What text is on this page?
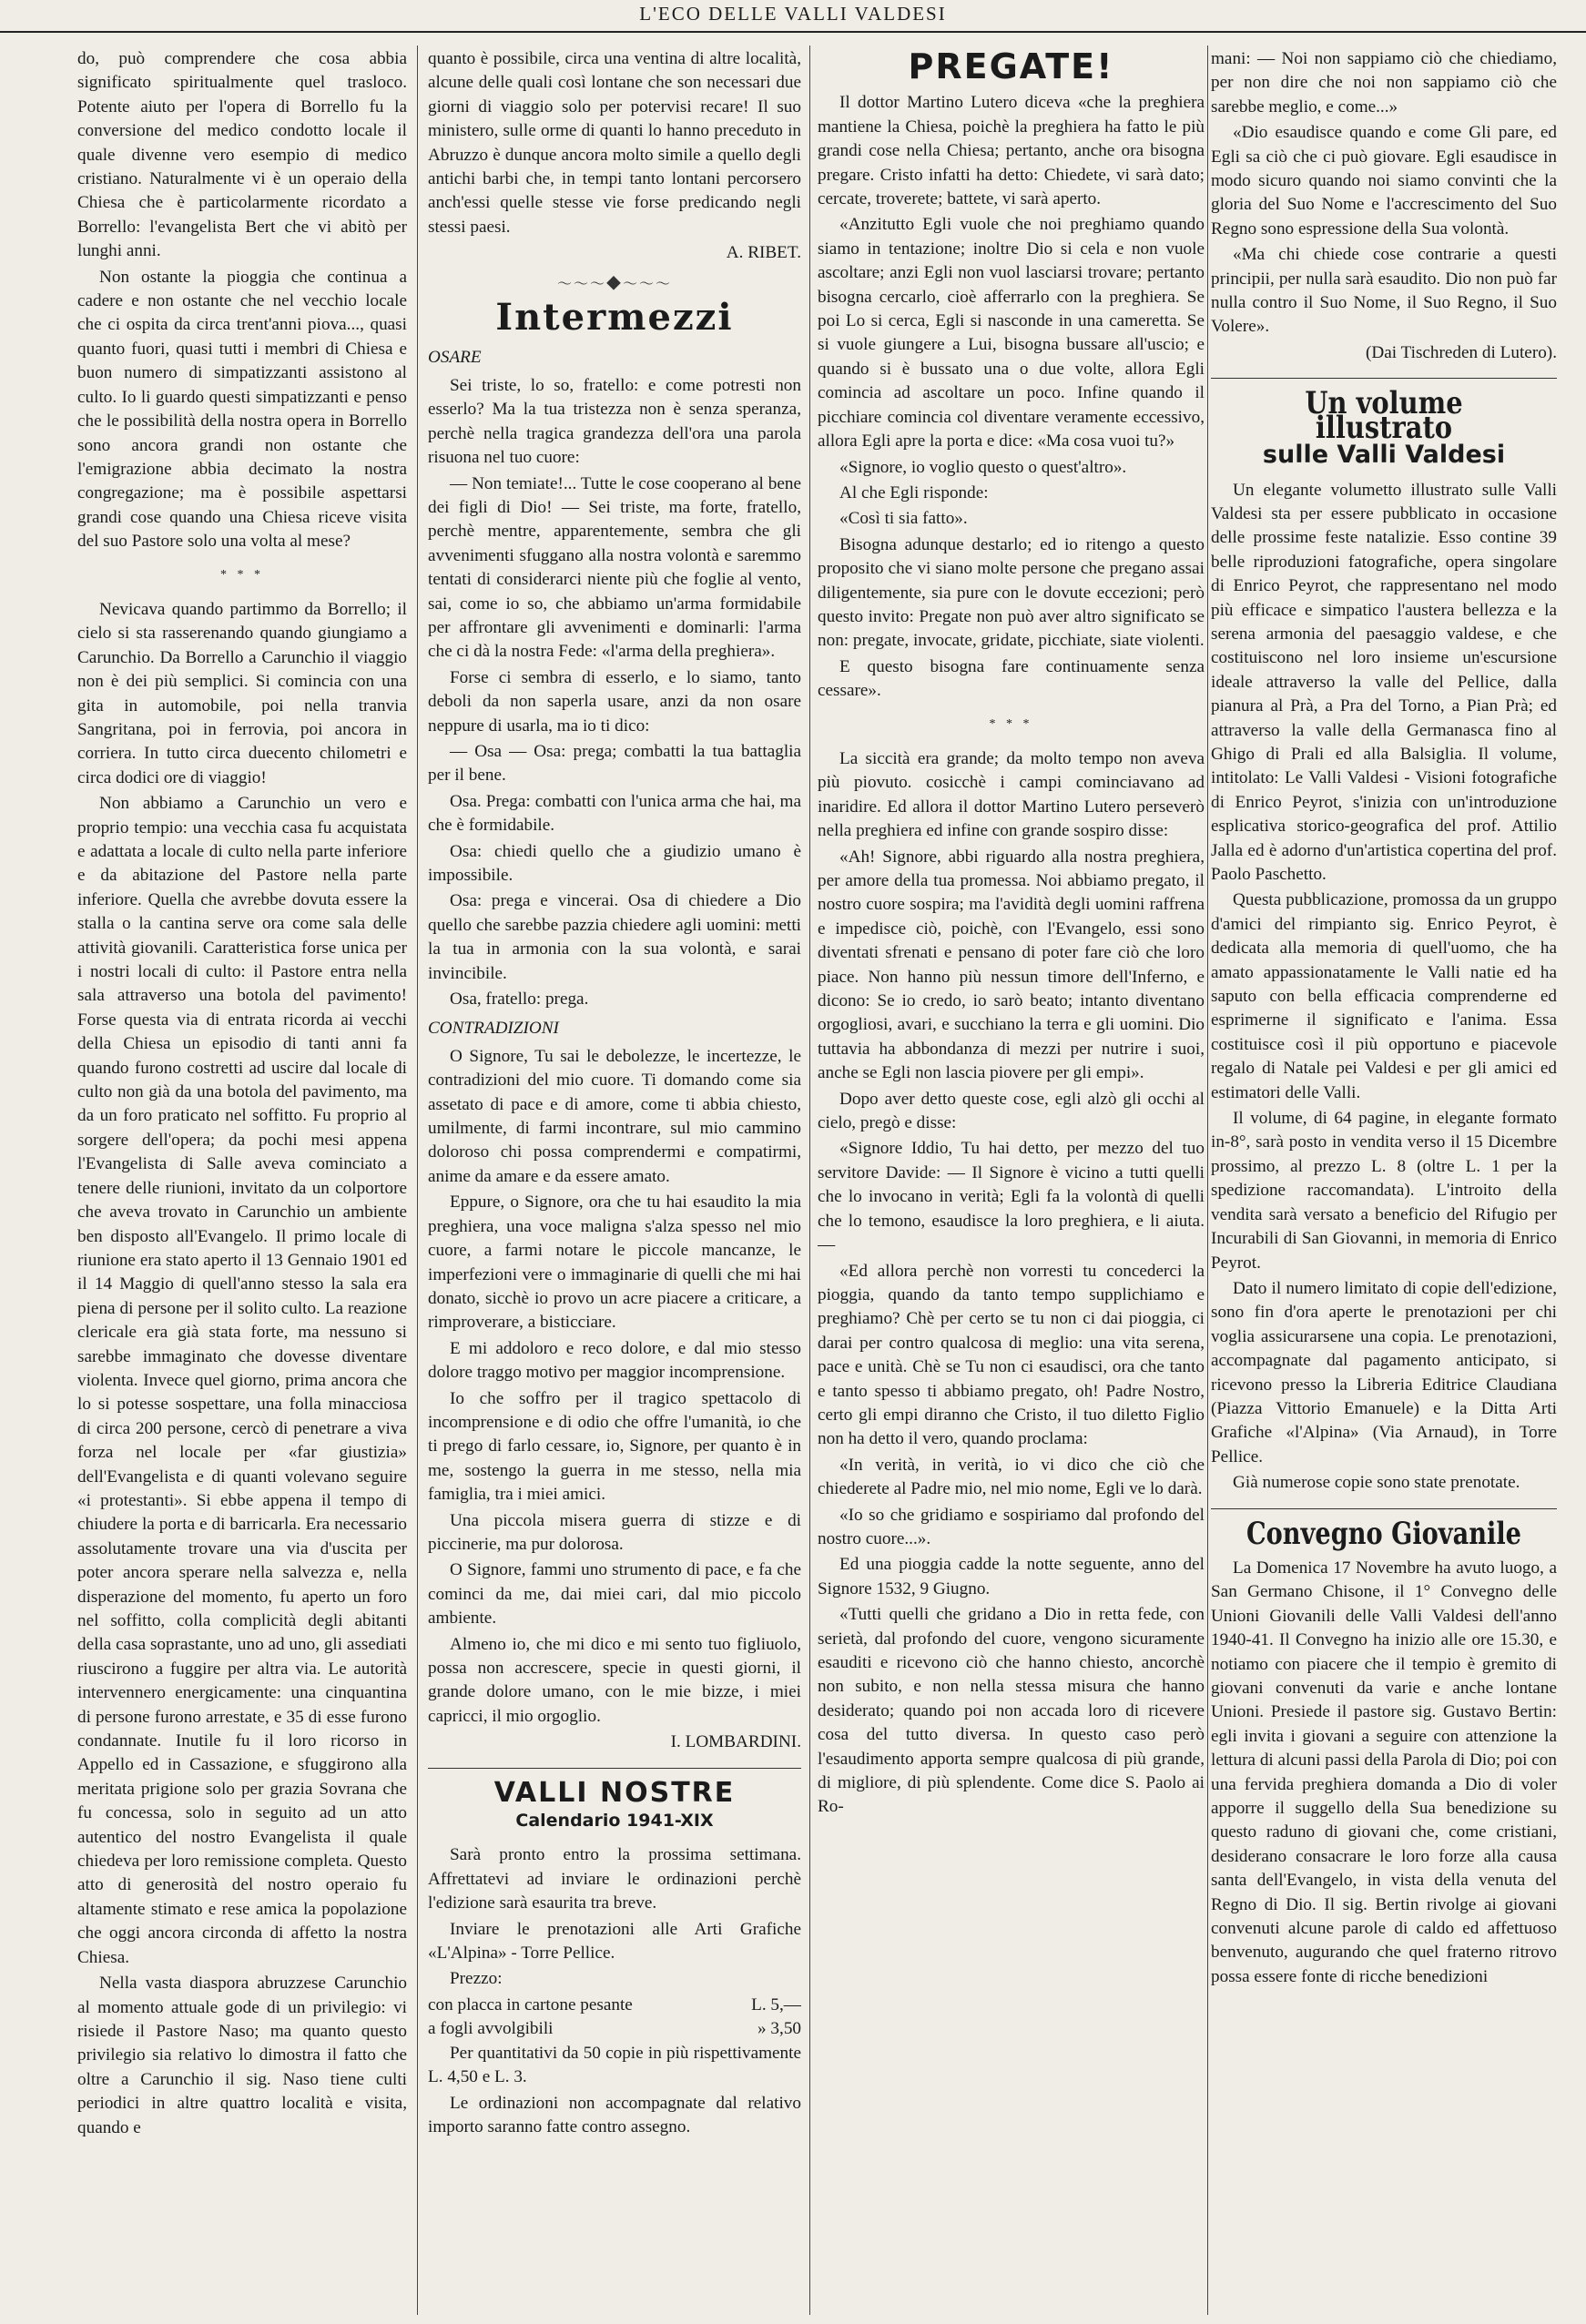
L'ECO DELLE VALLI VALDESI

do, può comprendere che cosa abbia significato spiritualmente quel trasloco. Potente aiuto per l'opera di Borrello fu la conversione del medico condotto locale il quale divenne vero esempio di medico cristiano. Naturalmente vi è un operaio della Chiesa che è particolarmente ricordato a Borrello: l'evangelista Bert che vi abitò per lunghi anni.

Non ostante la pioggia che continua a cadere e non ostante che nel vecchio locale che ci ospita da circa trent'anni piova..., quasi quanto fuori, quasi tutti i membri di Chiesa e buon numero di simpatizzanti assistono al culto. Io li guardo questi simpatizzanti e penso che le possibilità della nostra opera in Borrello sono ancora grandi non ostante che l'emigrazione abbia decimato la nostra congregazione; ma è possibile aspettarsi grandi cose quando una Chiesa riceve visita del suo Pastore solo una volta al mese?

* * *

Nevicava quando partimmo da Borrello; il cielo si sta rasserenando quando giungiamo a Carunchio. Da Borrello a Carunchio il viaggio non è dei più semplici. Si comincia con una gita in automobile, poi nella tranvia Sangritana, poi in ferrovia, poi ancora in corriera. In tutto circa duecento chilometri e circa dodici ore di viaggio!

Non abbiamo a Carunchio un vero e proprio tempio: una vecchia casa fu acquistata e adattata a locale di culto nella parte inferiore e da abitazione del Pastore nella parte inferiore. Quella che avrebbe dovuta essere la stalla o la cantina serve ora come sala delle attività giovanili. Caratteristica forse unica per i nostri locali di culto: il Pastore entra nella sala attraverso una botola del pavimento! Forse questa via di entrata ricorda ai vecchi della Chiesa un episodio di tanti anni fa quando furono costretti ad uscire dal locale di culto non già da una botola del pavimento, ma da un foro praticato nel soffitto. Fu proprio al sorgere dell'opera; da pochi mesi appena l'Evangelista di Salle aveva cominciato a tenere delle riunioni, invitato da un colportore che aveva trovato in Carunchio un ambiente ben disposto all'Evangelo. Il primo locale di riunione era stato aperto il 13 Gennaio 1901 ed il 14 Maggio di quell'anno stesso la sala era piena di persone per il solito culto. La reazione clericale era già stata forte, ma nessuno si sarebbe immaginato che dovesse diventare violenta. Invece quel giorno, prima ancora che lo si potesse sospettare, una folla minacciosa di circa 200 persone, cercò di penetrare a viva forza nel locale per «far giustizia» dell'Evangelista e di quanti volevano seguire «i protestanti». Si ebbe appena il tempo di chiudere la porta e di barricarla. Era necessario assolutamente trovare una via d'uscita per poter ancora sperare nella salvezza e, nella disperazione del momento, fu aperto un foro nel soffitto, colla complicità degli abitanti della casa soprastante, uno ad uno, gli assediati riuscirono a fuggire per altra via. Le autorità intervennero energicamente: una cinquantina di persone furono arrestate, e 35 di esse furono condannate. Inutile fu il loro ricorso in Appello ed in Cassazione, e sfuggirono alla meritata prigione solo per grazia Sovrana che fu concessa, solo in seguito ad un atto autentico del nostro Evangelista il quale chiedeva per loro remissione completa. Questo atto di generosità del nostro operaio fu altamente stimato e rese amica la popolazione che oggi ancora circonda di affetto la nostra Chiesa.

Nella vasta diaspora abruzzese Carunchio al momento attuale gode di un privilegio: vi risiede il Pastore Naso; ma quanto questo privilegio sia relativo lo dimostra il fatto che oltre a Carunchio il sig. Naso tiene culti periodici in altre quattro località e visita, quando e

quanto è possibile, circa una ventina di altre località, alcune delle quali così lontane che son necessari due giorni di viaggio solo per potervisi recare! Il suo ministero, sulle orme di quanti lo hanno preceduto in Abruzzo è dunque ancora molto simile a quello degli antichi barbi che, in tempi tanto lontani percorsero anch'essi quelle stesse vie forse predicando negli stessi paesi.

A. RIBET.
〜〜〜◆〜〜〜
Intermezzi

OSARE

Sei triste, lo so, fratello: e come potresti non esserlo? Ma la tua tristezza non è senza speranza, perchè nella tragica grandezza dell'ora una parola risuona nel tuo cuore:

— Non temiate!... Tutte le cose cooperano al bene dei figli di Dio! — Sei triste, ma forte, fratello, perchè mentre, apparentemente, sembra che gli avvenimenti sfuggano alla nostra volontà e saremmo tentati di considerarci niente più che foglie al vento, sai, come io so, che abbiamo un'arma formidabile per affrontare gli avvenimenti e dominarli: l'arma che ci dà la nostra Fede: «l'arma della preghiera».

Forse ci sembra di esserlo, e lo siamo, tanto deboli da non saperla usare, anzi da non osare neppure di usarla, ma io ti dico:

— Osa — Osa: prega; combatti la tua battaglia per il bene.

Osa. Prega: combatti con l'unica arma che hai, ma che è formidabile.

Osa: chiedi quello che a giudizio umano è impossibile.

Osa: prega e vincerai. Osa di chiedere a Dio quello che sarebbe pazzia chiedere agli uomini: metti la tua in armonia con la sua volontà, e sarai invincibile.

Osa, fratello: prega.

CONTRADIZIONI

O Signore, Tu sai le debolezze, le incertezze, le contradizioni del mio cuore. Ti domando come sia assetato di pace e di amore, come ti abbia chiesto, umilmente, di farmi incontrare, sul mio cammino doloroso chi possa comprendermi e compatirmi, anime da amare e da essere amato.

Eppure, o Signore, ora che tu hai esaudito la mia preghiera, una voce maligna s'alza spesso nel mio cuore, a farmi notare le piccole mancanze, le imperfezioni vere o immaginarie di quelli che mi hai donato, sicchè io provo un acre piacere a criticare, a rimproverare, a bisticciare.

E mi addoloro e reco dolore, e dal mio stesso dolore traggo motivo per maggior incomprensione.

Io che soffro per il tragico spettacolo di incomprensione e di odio che offre l'umanità, io che ti prego di farlo cessare, io, Signore, per quanto è in me, sostengo la guerra in me stesso, nella mia famiglia, tra i miei amici.

Una piccola misera guerra di stizze e di piccinerie, ma pur dolorosa.

O Signore, fammi uno strumento di pace, e fa che cominci da me, dai miei cari, dal mio piccolo ambiente.

Almeno io, che mi dico e mi sento tuo figliuolo, possa non accrescere, specie in questi giorni, il grande dolore umano, con le mie bizze, i miei capricci, il mio orgoglio.

I. LOMBARDINI.
VALLI NOSTRE
Calendario 1941-XIX

Sarà pronto entro la prossima settimana. Affrettatevi ad inviare le ordinazioni perchè l'edizione sarà esaurita tra breve.

Inviare le prenotazioni alle Arti Grafiche «L'Alpina» - Torre Pellice.

Prezzo:

con placca in cartone pesante	L. 5,—
a fogli avvolgibili	» 3,50

Per quantitativi da 50 copie in più rispettivamente L. 4,50 e L. 3.

Le ordinazioni non accompagnate dal relativo importo saranno fatte contro assegno.

PREGATE!

Il dottor Martino Lutero diceva «che la preghiera mantiene la Chiesa, poichè la preghiera ha fatto le più grandi cose nella Chiesa; pertanto, anche ora bisogna pregare. Cristo infatti ha detto: Chiedete, vi sarà dato; cercate, troverete; battete, vi sarà aperto.

«Anzitutto Egli vuole che noi preghiamo quando siamo in tentazione; inoltre Dio si cela e non vuole ascoltare; anzi Egli non vuol lasciarsi trovare; pertanto bisogna cercarlo, cioè afferrarlo con la preghiera. Se poi Lo si cerca, Egli si nasconde in una cameretta. Se si vuole giungere a Lui, bisogna bussare all'uscio; e quando si è bussato una o due volte, allora Egli comincia ad ascoltare un poco. Infine quando il picchiare comincia col diventare veramente eccessivo, allora Egli apre la porta e dice: «Ma cosa vuoi tu?»

«Signore, io voglio questo o quest'altro».

Al che Egli risponde:

«Così ti sia fatto».

Bisogna adunque destarlo; ed io ritengo a questo proposito che vi siano molte persone che pregano assai diligentemente, sia pure con le dovute eccezioni; però questo invito: Pregate non può aver altro significato se non: pregate, invocate, gridate, picchiate, siate violenti.

E questo bisogna fare continuamente senza cessare».

* * *

La siccità era grande; da molto tempo non aveva più piovuto. cosicchè i campi cominciavano ad inaridire. Ed allora il dottor Martino Lutero perseverò nella preghiera ed infine con grande sospiro disse:

«Ah! Signore, abbi riguardo alla nostra preghiera, per amore della tua promessa. Noi abbiamo pregato, il nostro cuore sospira; ma l'avidità degli uomini raffrena e impedisce ciò, poichè, con l'Evangelo, essi sono diventati sfrenati e pensano di poter fare ciò che loro piace. Non hanno più nessun timore dell'Inferno, e dicono: Se io credo, io sarò beato; intanto diventano orgogliosi, avari, e succhiano la terra e gli uomini. Dio tuttavia ha abbondanza di mezzi per nutrire i suoi, anche se Egli non lasciа piovere per gli empi».

Dopo aver detto queste cose, egli alzò gli occhi al cielo, pregò e disse:

«Signore Iddio, Tu hai detto, per mezzo del tuo servitore Davide: — Il Signore è vicino a tutti quelli che lo invocano in verità; Egli fa la volontà di quelli che lo temono, esaudisce la loro preghiera, e li aiuta. —

«Ed allora perchè non vorresti tu concederci la pioggia, quando da tanto tempo supplichiamo e preghiamo? Chè per certo se tu non ci dai pioggia, ci darai per contro qualcosa di meglio: una vita serena, pace e unità. Chè se Tu non ci esaudisci, ora che tanto e tanto spesso ti abbiamo pregato, oh! Padre Nostro, certo gli empi diranno che Cristo, il tuo diletto Figlio non ha detto il vero, quando proclama:

«In verità, in verità, io vi dico che ciò che chiederete al Padre mio, nel mio nome, Egli ve lo darà.

«Io so che gridiamo e sospiriamo dal profondo del nostro cuore...».

Ed una pioggia cadde la notte seguente, anno del Signore 1532, 9 Giugno.

«Tutti quelli che gridano a Dio in retta fede, con serietà, dal profondo del cuore, vengono sicuramente esauditi e ricevono ciò che hanno chiesto, ancorchè non subito, e non nella stessa misura che hanno desiderato; quando poi non accada loro di ricevere cosa del tutto diversa. In questo caso però l'esaudimento apporta sempre qualcosa di più grande, di migliore, di più splendente. Come dice S. Paolo ai Ro-

mani: — Noi non sappiamo ciò che chiediamo, per non dire che noi non sappiamo ciò che sarebbe meglio, e come...»

«Dio esaudisce quando e come Gli pare, ed Egli sa ciò che ci può giovare. Egli esaudisce in modo sicuro quando noi siamo convinti che la gloria del Suo Nome e l'accrescimento del Suo Regno sono espressione della Sua volontà.

«Ma chi chiede cose contrarie a questi principii, per nulla sarà esaudito. Dio non può far nulla contro il Suo Nome, il Suo Regno, il Suo Volere».

(Dai Tischreden di Lutero).
Un volume illustrato
sulle Valli Valdesi

Un elegante volumetto illustrato sulle Valli Valdesi sta per essere pubblicato in occasione delle prossime feste natalizie. Esso contine 39 belle riproduzioni fatografiche, opera singolare di Enrico Peyrot, che rappresentano nel modo più efficace e simpatico l'austera bellezza e la serena armonia del paesaggio valdese, e che costituiscono nel loro insieme un'escursione ideale attraverso la valle del Pellice, dalla pianura al Prà, a Pra del Torno, a Pian Prà; ed attraverso la valle della Germanasca fino al Ghigo di Prali ed alla Balsiglia. Il volume, intitolato: Le Valli Valdesi - Visioni fotografiche di Enrico Peyrot, s'inizia con un'introduzione esplicativa storico-geografica del prof. Attilio Jalla ed è adorno d'un'artistica copertina del prof. Paolo Paschetto.

Questa pubblicazione, promossa da un gruppo d'amici del rimpianto sig. Enrico Peyrot, è dedicata alla memoria di quell'uomo, che ha amato appassionatamente le Valli natie ed ha saputo con bella efficacia comprenderne ed esprimerne il significato e l'anima. Essa costituisce così il più opportuno e piacevole regalo di Natale pei Valdesi e per gli amici ed estimatori delle Valli.

Il volume, di 64 pagine, in elegante formato in-8°, sarà posto in vendita verso il 15 Dicembre prossimo, al prezzo L. 8 (oltre L. 1 per la spedizione raccomandata). L'introito della vendita sarà versato a beneficio del Rifugio per Incurabili di San Giovanni, in memoria di Enrico Peyrot.

Dato il numero limitato di copie dell'edizione, sono fin d'ora aperte le prenotazioni per chi voglia assicurarsene una copia. Le prenotazioni, accompagnate dal pagamento anticipato, si ricevono presso la Libreria Editrice Claudiana (Piazza Vittorio Emanuele) e la Ditta Arti Grafiche «l'Alpina» (Via Arnaud), in Torre Pellice.

Già numerose copie sono state prenotate.

Convegno Giovanile

La Domenica 17 Novembre ha avuto luogo, a San Germano Chisone, il 1° Convegno delle Unioni Giovanili delle Valli Valdesi dell'anno 1940-41. Il Convegno ha inizio alle ore 15.30, e notiamo con piacere che il tempio è gremito di giovani convenuti da varie e anche lontane Unioni. Presiede il pastore sig. Gustavo Bertin: egli invita i giovani a seguire con attenzione la lettura di alcuni passi della Parola di Dio; poi con una fervida preghiera domanda a Dio di voler apporre il suggello della Sua benedizione su questo raduno di giovani che, come cristiani, desiderano consacrare le loro forze alla causa santa dell'Evangelo, in vista della venuta del Regno di Dio. Il sig. Bertin rivolge ai giovani convenuti alcune parole di caldo ed affettuoso benvenuto, augurando che quel fraterno ritrovo possa essere fonte di ricche benedizioni
